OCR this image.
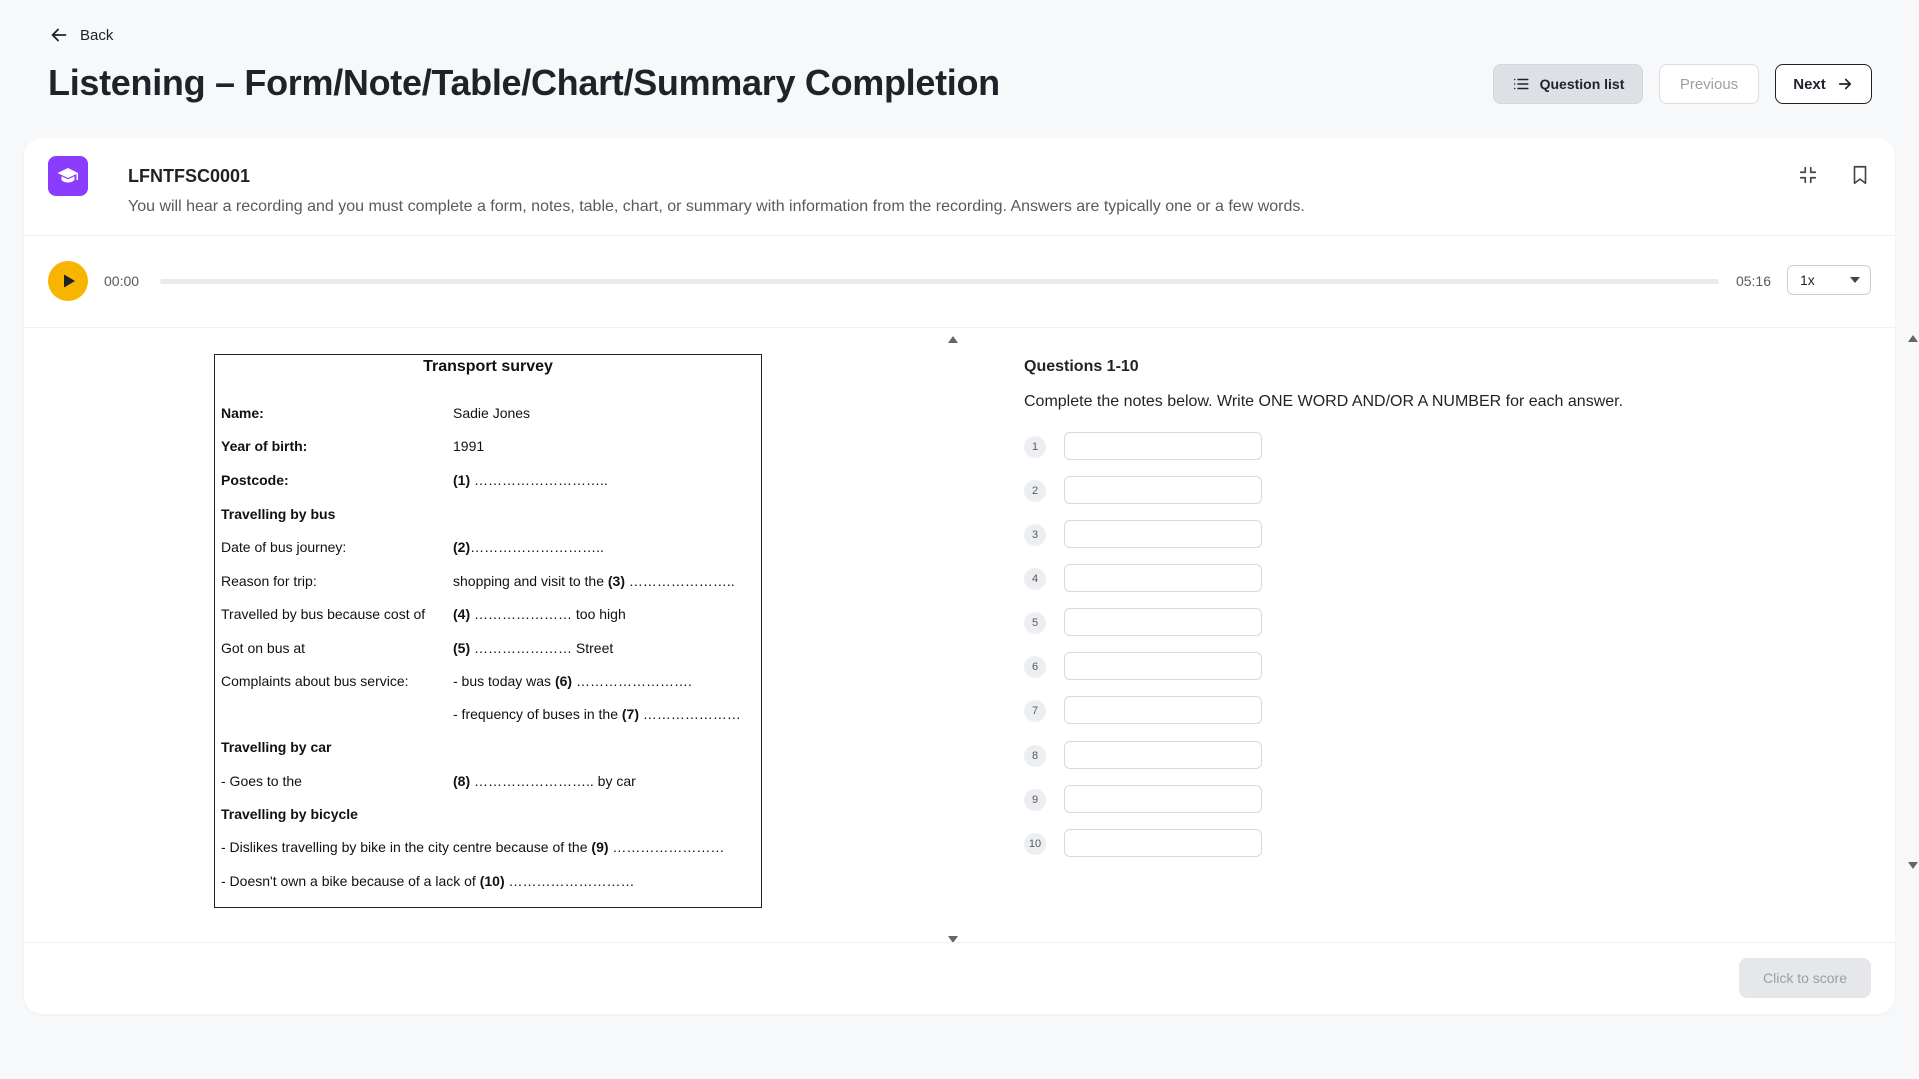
Back
Listening – Form/Note/Table/Chart/Summary Completion	Question list	Previous	Next
LFNTFSC0001
You will hear a recording and you must complete a form, notes, table, chart, or summary with information from the recording. Answers are typically one or a few words.
00:00	05:16 1x
Transport survey
Name:	Sadie Jones
Year of birth:	1991
Postcode:	(1) ………………………..
Travelling by bus
Date of bus journey:	(2)………………………..
Reason for trip:	shopping and visit to the (3) …………………..
Travelled by bus because cost of (4) ………………… too high
Got on bus at	(5) ………………… Street
Complaints about bus service:	- bus today was (6) …………………….
- frequency of buses in the (7) …………………
Travelling by car
- Goes to the	(8) …………………….. by car
Travelling by bicycle
- Dislikes travelling by bike in the city centre because of the (9) ……………………
- Doesn't own a bike because of a lack of (10) ………………………
Questions 1-10
Complete the notes below. Write ONE WORD AND/OR A NUMBER for each answer.
1
2
3
4
5
6
7
8
9
10
Click to score
